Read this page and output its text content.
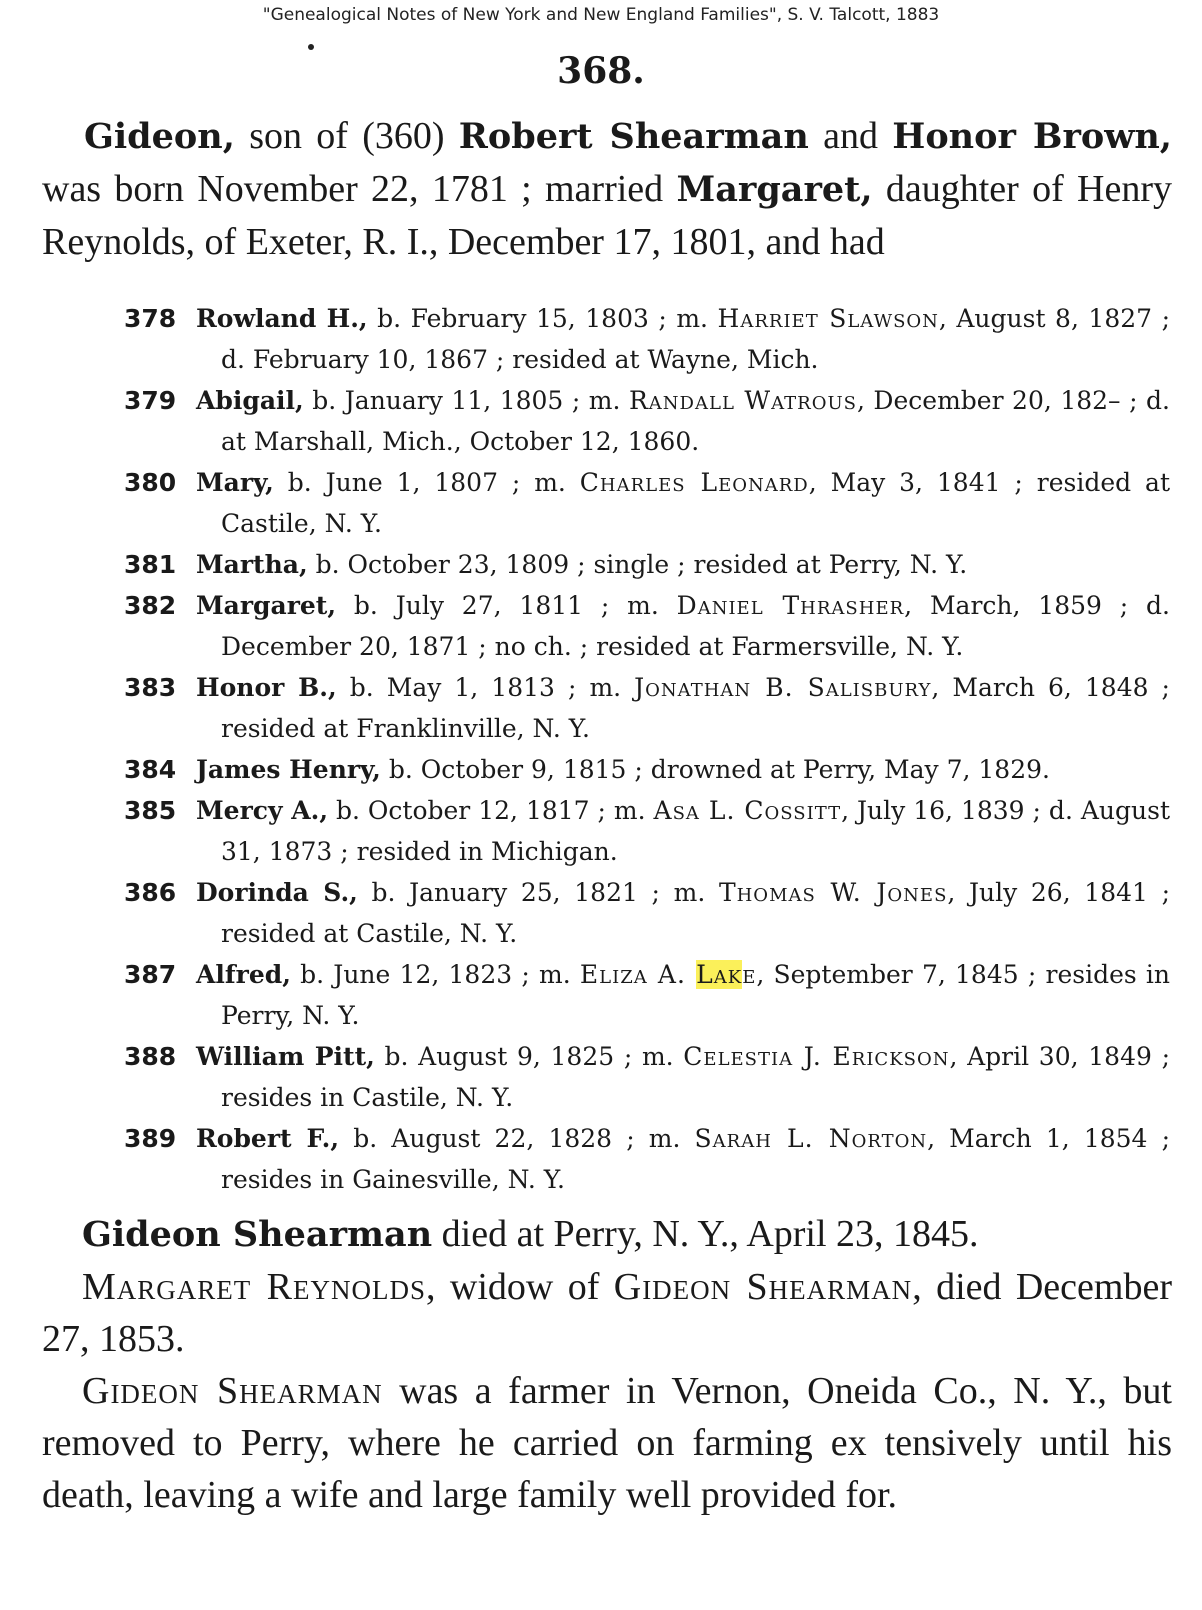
"Genealogical Notes of New York and New England Families", S. V. Talcott, 1883
368.
Gideon, son of (360) Robert Shearman and Honor Brown, was born November 22, 1781 ; married Margaret, daughter of Henry Reynolds, of Exeter, R. I., December 17, 1801, and had

378 Rowland H., b. February 15, 1803 ; m. Harriet Slawson, August 8, 1827 ; d. February 10, 1867 ; resided at Wayne, Mich.

379 Abigail, b. January 11, 1805 ; m. Randall Watrous, December 20, 182– ; d. at Marshall, Mich., October 12, 1860.

380 Mary, b. June 1, 1807 ; m. Charles Leonard, May 3, 1841 ; resided at Castile, N. Y.

381 Martha, b. October 23, 1809 ; single ; resided at Perry, N. Y.

382 Margaret, b. July 27, 1811 ; m. Daniel Thrasher, March, 1859 ; d. December 20, 1871 ; no ch. ; resided at Farmersville, N. Y.

383 Honor B., b. May 1, 1813 ; m. Jonathan B. Salisbury, March 6, 1848 ; resided at Franklinville, N. Y.

384 James Henry, b. October 9, 1815 ; drowned at Perry, May 7, 1829.

385 Mercy A., b. October 12, 1817 ; m. Asa L. Cossitt, July 16, 1839 ; d. August 31, 1873 ; resided in Michigan.

386 Dorinda S., b. January 25, 1821 ; m. Thomas W. Jones, July 26, 1841 ; resided at Castile, N. Y.

387 Alfred, b. June 12, 1823 ; m. Eliza A. Lake, September 7, 1845 ; resides in Perry, N. Y.

388 William Pitt, b. August 9, 1825 ; m. Celestia J. Erickson, April 30, 1849 ; resides in Castile, N. Y.

389 Robert F., b. August 22, 1828 ; m. Sarah L. Norton, March 1, 1854 ; resides in Gainesville, N. Y.

Gideon Shearman died at Perry, N. Y., April 23, 1845.

Margaret Reynolds, widow of Gideon Shearman, died December 27, 1853.

Gideon Shearman was a farmer in Vernon, Oneida Co., N. Y., but removed to Perry, where he carried on farming ex tensively until his death, leaving a wife and large family well provided for.
